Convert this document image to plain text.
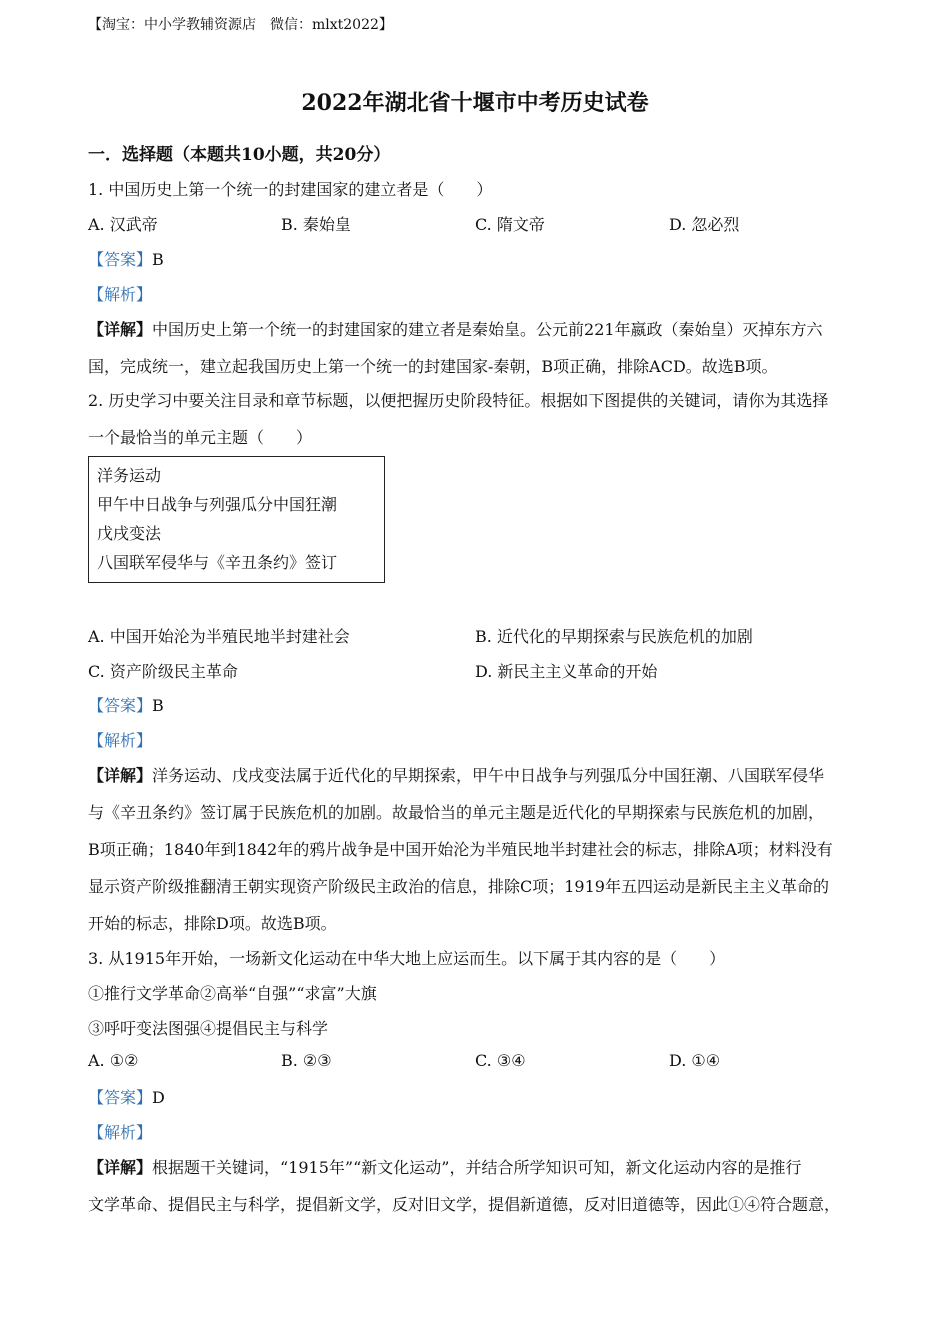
【淘宝：中小学教辅资源店　微信：mlxt2022】
2022年湖北省十堰市中考历史试卷
一．选择题（本题共10小题，共20分）
1. 中国历史上第一个统一的封建国家的建立者是（　　）
A. 汉武帝	B. 秦始皇	C. 隋文帝	D. 忽必烈
【答案】B
【解析】
【详解】中国历史上第一个统一的封建国家的建立者是秦始皇。公元前221年嬴政（秦始皇）灭掉东方六
国，完成统一，建立起我国历史上第一个统一的封建国家-秦朝，B项正确，排除ACD。故选B项。
2. 历史学习中要关注目录和章节标题，以便把握历史阶段特征。根据如下图提供的关键词，请你为其选择
一个最恰当的单元主题（　　）
洋务运动
甲午中日战争与列强瓜分中国狂潮
戊戌变法
八国联军侵华与《辛丑条约》签订
A. 中国开始沦为半殖民地半封建社会	B. 近代化的早期探索与民族危机的加剧
C. 资产阶级民主革命	D. 新民主主义革命的开始
【答案】B
【解析】
【详解】洋务运动、戊戌变法属于近代化的早期探索，甲午中日战争与列强瓜分中国狂潮、八国联军侵华
与《辛丑条约》签订属于民族危机的加剧。故最恰当的单元主题是近代化的早期探索与民族危机的加剧，
B项正确；1840年到1842年的鸦片战争是中国开始沦为半殖民地半封建社会的标志，排除A项；材料没有
显示资产阶级推翻清王朝实现资产阶级民主政治的信息，排除C项；1919年五四运动是新民主主义革命的
开始的标志，排除D项。故选B项。
3. 从1915年开始，一场新文化运动在中华大地上应运而生。以下属于其内容的是（　　）
①推行文学革命②高举“自强”“求富”大旗
③呼吁变法图强④提倡民主与科学
A. ①②	B. ②③	C. ③④	D. ①④
【答案】D
【解析】
【详解】根据题干关键词，“1915年”“新文化运动”，并结合所学知识可知，新文化运动内容的是推行
文学革命、提倡民主与科学，提倡新文学，反对旧文学，提倡新道德，反对旧道德等，因此①④符合题意，
